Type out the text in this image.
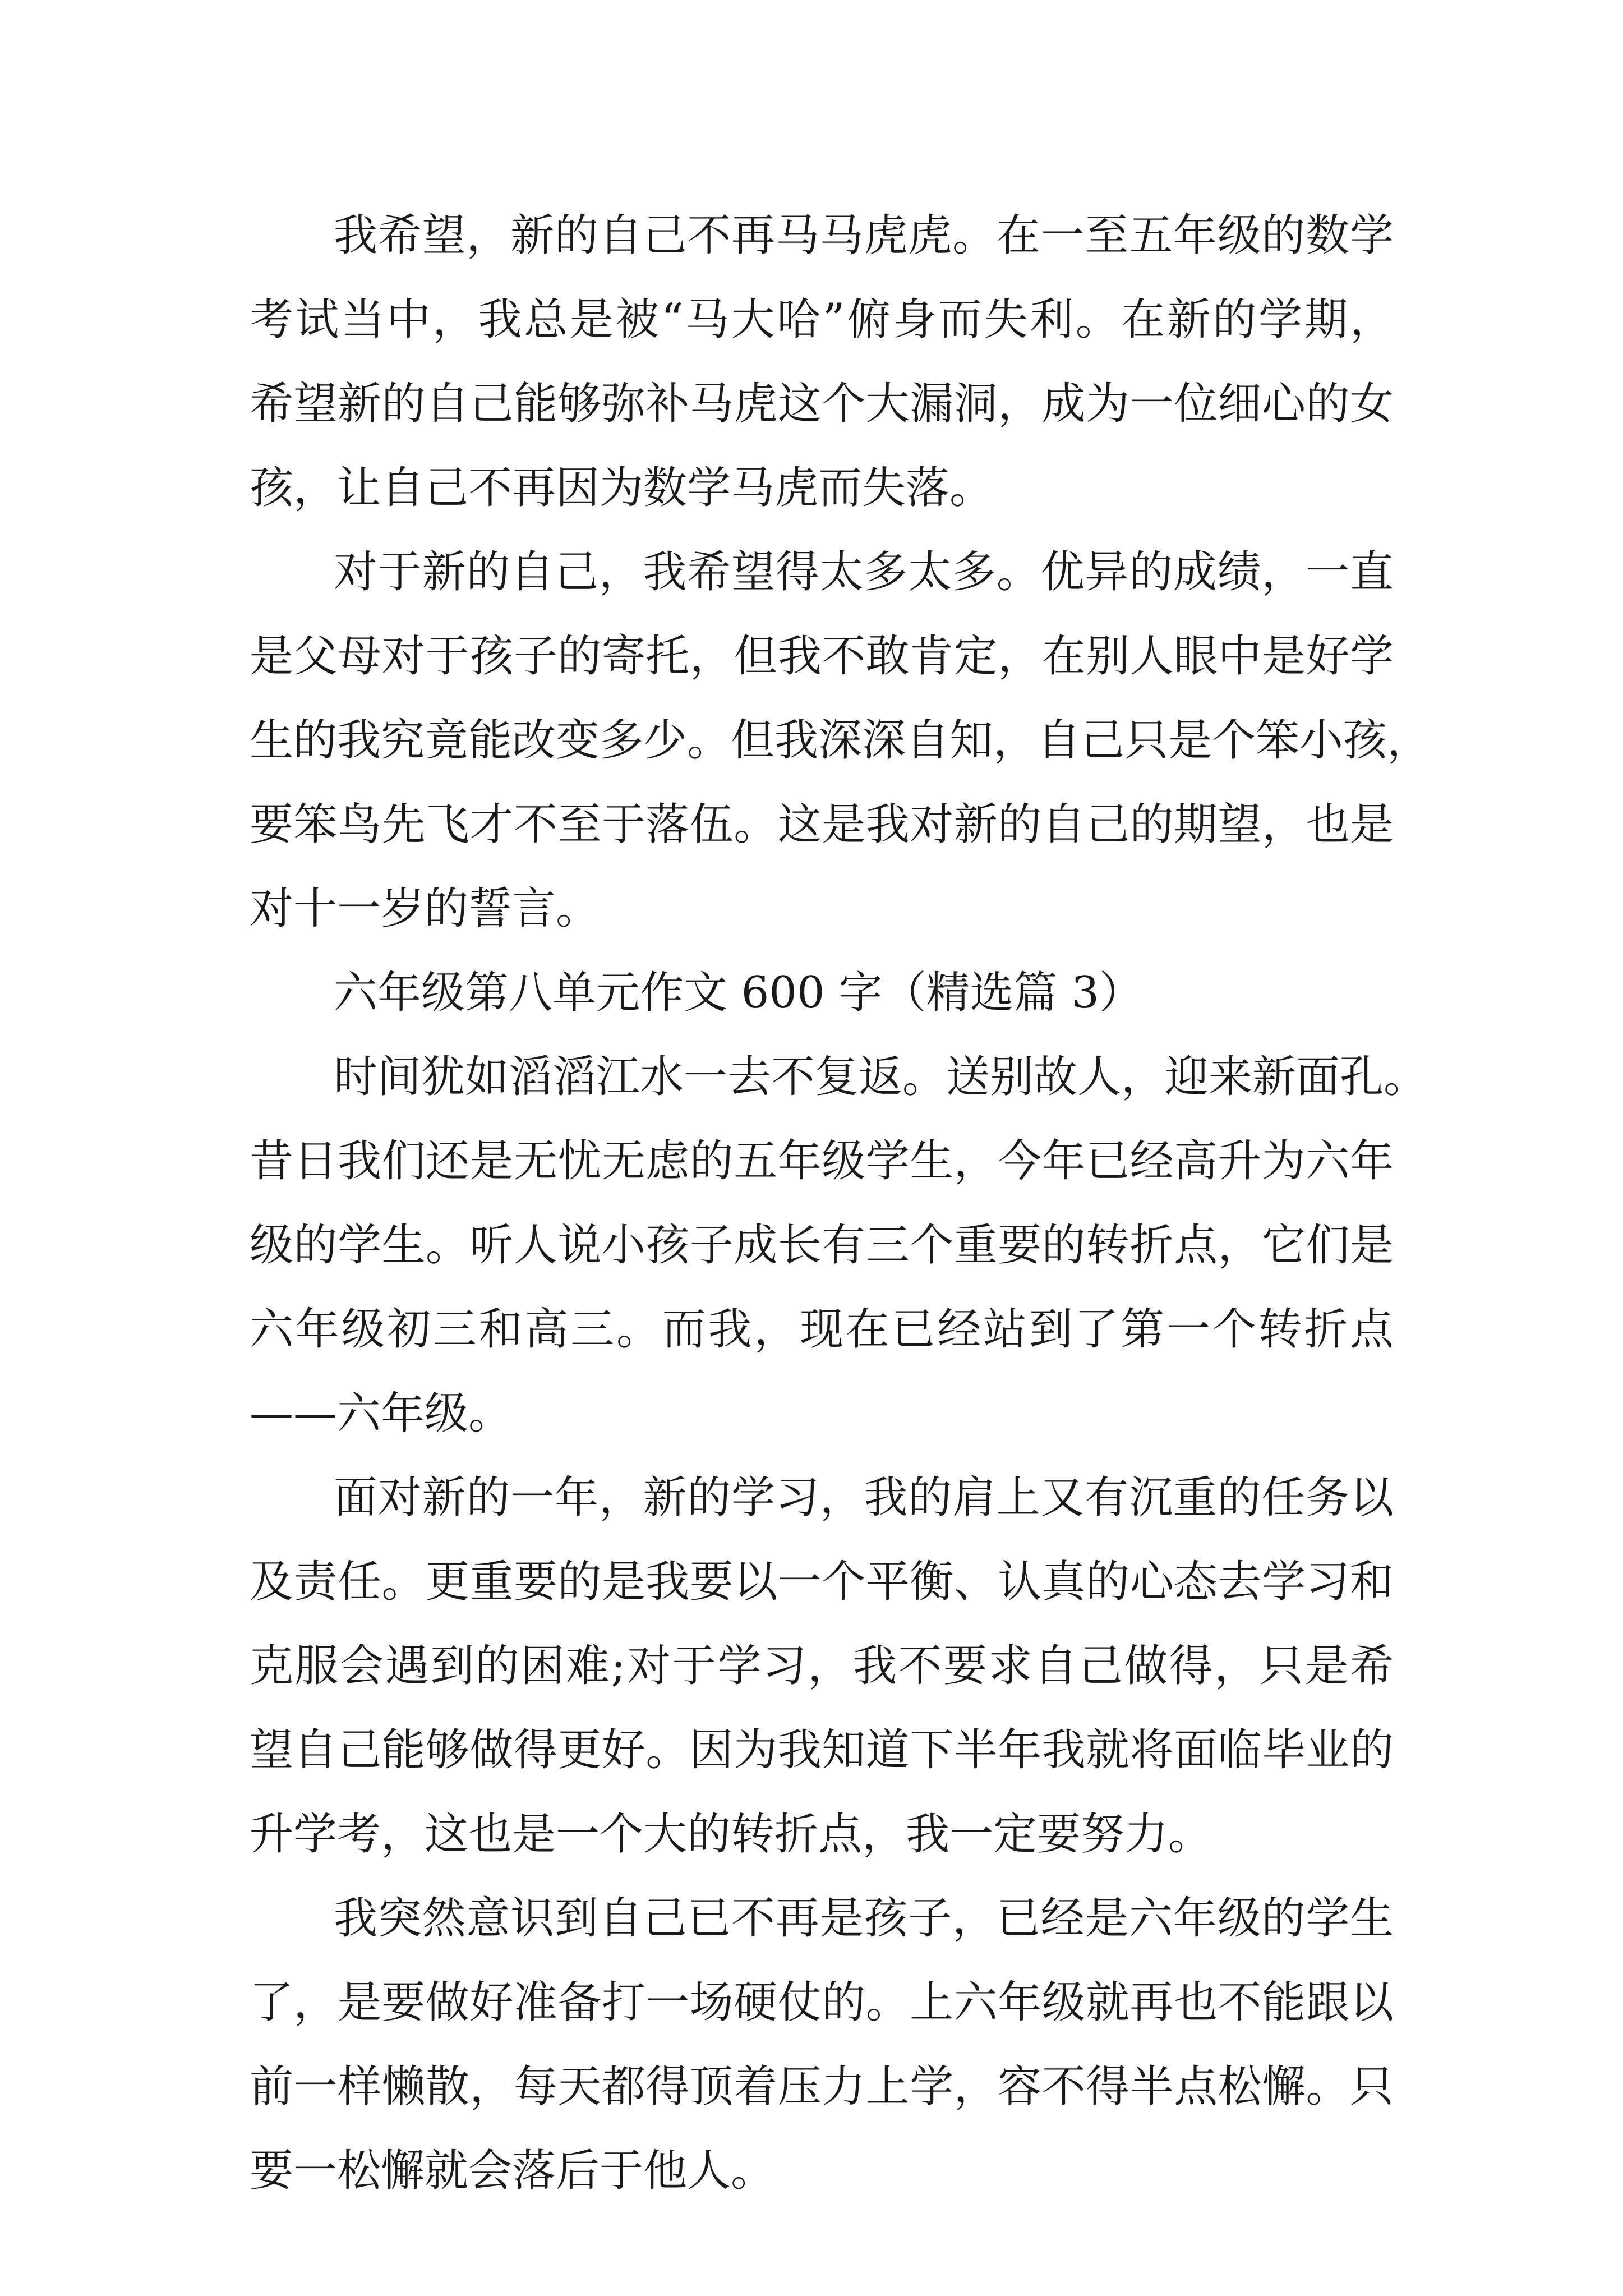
我希望，新的自己不再马马虎虎。在一至五年级的数学

考试当中，我总是被“马大哈”俯身而失利。在新的学期，

希望新的自己能够弥补马虎这个大漏洞，成为一位细心的女

孩，让自己不再因为数学马虎而失落。

对于新的自己，我希望得太多太多。优异的成绩，一直

是父母对于孩子的寄托，但我不敢肯定，在别人眼中是好学

生的我究竟能改变多少。但我深深自知，自己只是个笨小孩，

要笨鸟先飞才不至于落伍。这是我对新的自己的期望，也是

对十一岁的誓言。

六年级第八单元作文 600 字（精选篇 3）

时间犹如滔滔江水一去不复返。送别故人，迎来新面孔。

昔日我们还是无忧无虑的五年级学生，今年已经高升为六年

级的学生。听人说小孩子成长有三个重要的转折点，它们是

六年级初三和高三。而我，现在已经站到了第一个转折点

——六年级。

面对新的一年，新的学习，我的肩上又有沉重的任务以

及责任。更重要的是我要以一个平衡、认真的心态去学习和

克服会遇到的困难;对于学习，我不要求自己做得，只是希

望自己能够做得更好。因为我知道下半年我就将面临毕业的

升学考，这也是一个大的转折点，我一定要努力。

我突然意识到自己已不再是孩子，已经是六年级的学生

了，是要做好准备打一场硬仗的。上六年级就再也不能跟以

前一样懒散，每天都得顶着压力上学，容不得半点松懈。只

要一松懈就会落后于他人。
